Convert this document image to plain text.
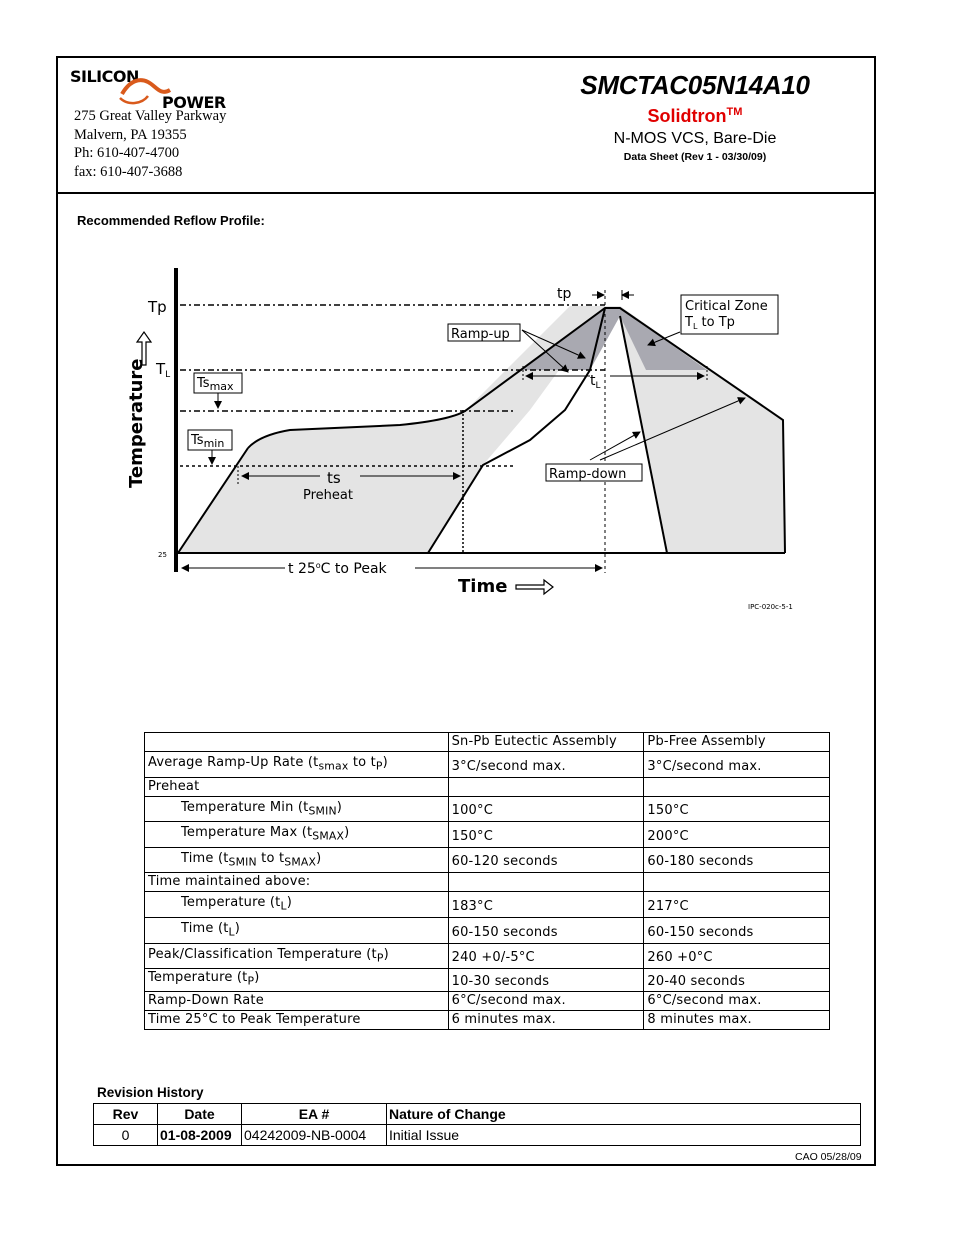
SILICON
POWER
275 Great Valley Parkway
Malvern, PA 19355
Ph: 610-407-4700
fax: 610-407-3688
SMCTAC05N14A10
Solidtron™
N-MOS VCS, Bare-Die
Data Sheet (Rev 1 - 03/30/09)
Recommended Reflow Profile:
Tp
$T_L$
25
tp
Critical Zone
$T_L$ to Tp
Ramp-up
Ramp-down
$Ts_{max}$
$Ts_{min}$
$t_L$
ts
Preheat
t 25$^o$C to Peak
Time
Temperature
IPC-020c-5-1
	Sn-Pb Eutectic Assembly	Pb-Free Assembly
Average Ramp-Up Rate ($t_{smax}$ to $t_P$)	3°C/second max.	3°C/second max.
Preheat		
Temperature Min $(t_{SMIN})$	100°C	150°C
Temperature Max $(t_{SMAX})$	150°C	200°C
Time ($t_{SMIN}$ to $t_{SMAX}$)	60-120 seconds	60-180 seconds
Time maintained above:		
Temperature $(t_L)$	183°C	217°C
Time $(t_L)$	60-150 seconds	60-150 seconds
Peak/Classification Temperature $(t_P)$	240 +0/-5°C	260 +0°C
Temperature $(t_P)$	10-30 seconds	20-40 seconds
Ramp-Down Rate	6°C/second max.	6°C/second max.
Time 25°C to Peak Temperature	6 minutes max.	8 minutes max.
Revision History
Rev	Date	EA #	Nature of Change
0	01-08-2009	04242009-NB-0004	Initial Issue
CAO 05/28/09
